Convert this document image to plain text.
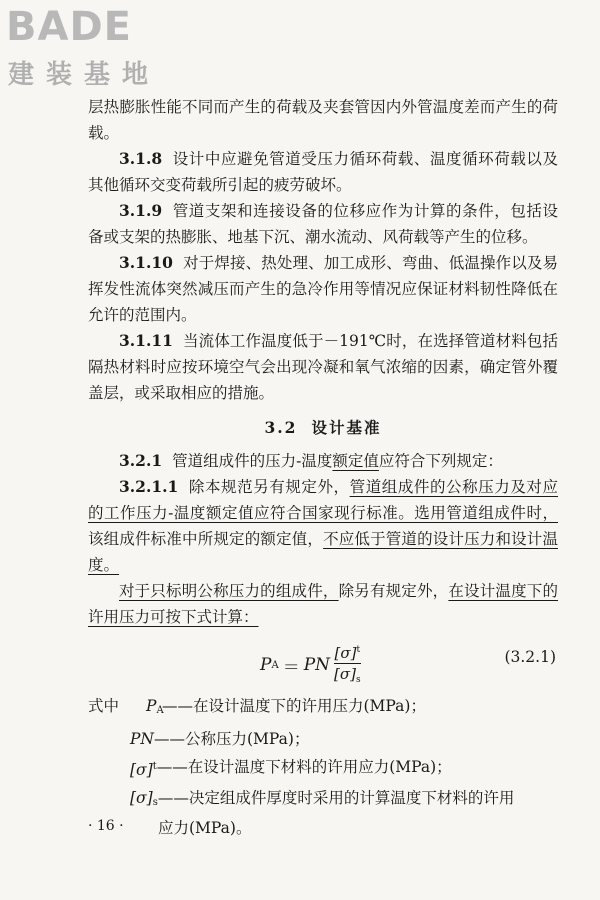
BADE
建装基地

层热膨胀性能不同而产生的荷载及夹套管因内外管温度差而产生的荷载。

3.1.8 设计中应避免管道受压力循环荷载、温度循环荷载以及其他循环交变荷载所引起的疲劳破坏。

3.1.9 管道支架和连接设备的位移应作为计算的条件，包括设备或支架的热膨胀、地基下沉、潮水流动、风荷载等产生的位移。

3.1.10 对于焊接、热处理、加工成形、弯曲、低温操作以及易挥发性流体突然减压而产生的急冷作用等情况应保证材料韧性降低在允许的范围内。

3.1.11 当流体工作温度低于－191℃时，在选择管道材料包括隔热材料时应按环境空气会出现冷凝和氧气浓缩的因素，确定管外覆盖层，或采取相应的措施。

3.2 设计基准

3.2.1 管道组成件的压力-温度额定值应符合下列规定：

3.2.1.1 除本规范另有规定外，管道组成件的公称压力及对应的工作压力-温度额定值应符合国家现行标准。选用管道组成件时，该组成件标准中所规定的额定值，不应低于管道的设计压力和设计温度。

对于只标明公称压力的组成件，除另有规定外，在设计温度下的许用压力可按下式计算：

P A ＝ PN $\frac{[\sigma]^t}{[\sigma]_s}$	(3.2.1)
式中	PA
——在设计温度下的许用压力(MPa)；
PN ——公称压力(MPa)；
$[\sigma]^t$ ——在设计温度下材料的许用应力(MPa)；
[σ]s ——决定组成件厚度时采用的计算温度下材料的许用
应力(MPa)。
· 16 ·
